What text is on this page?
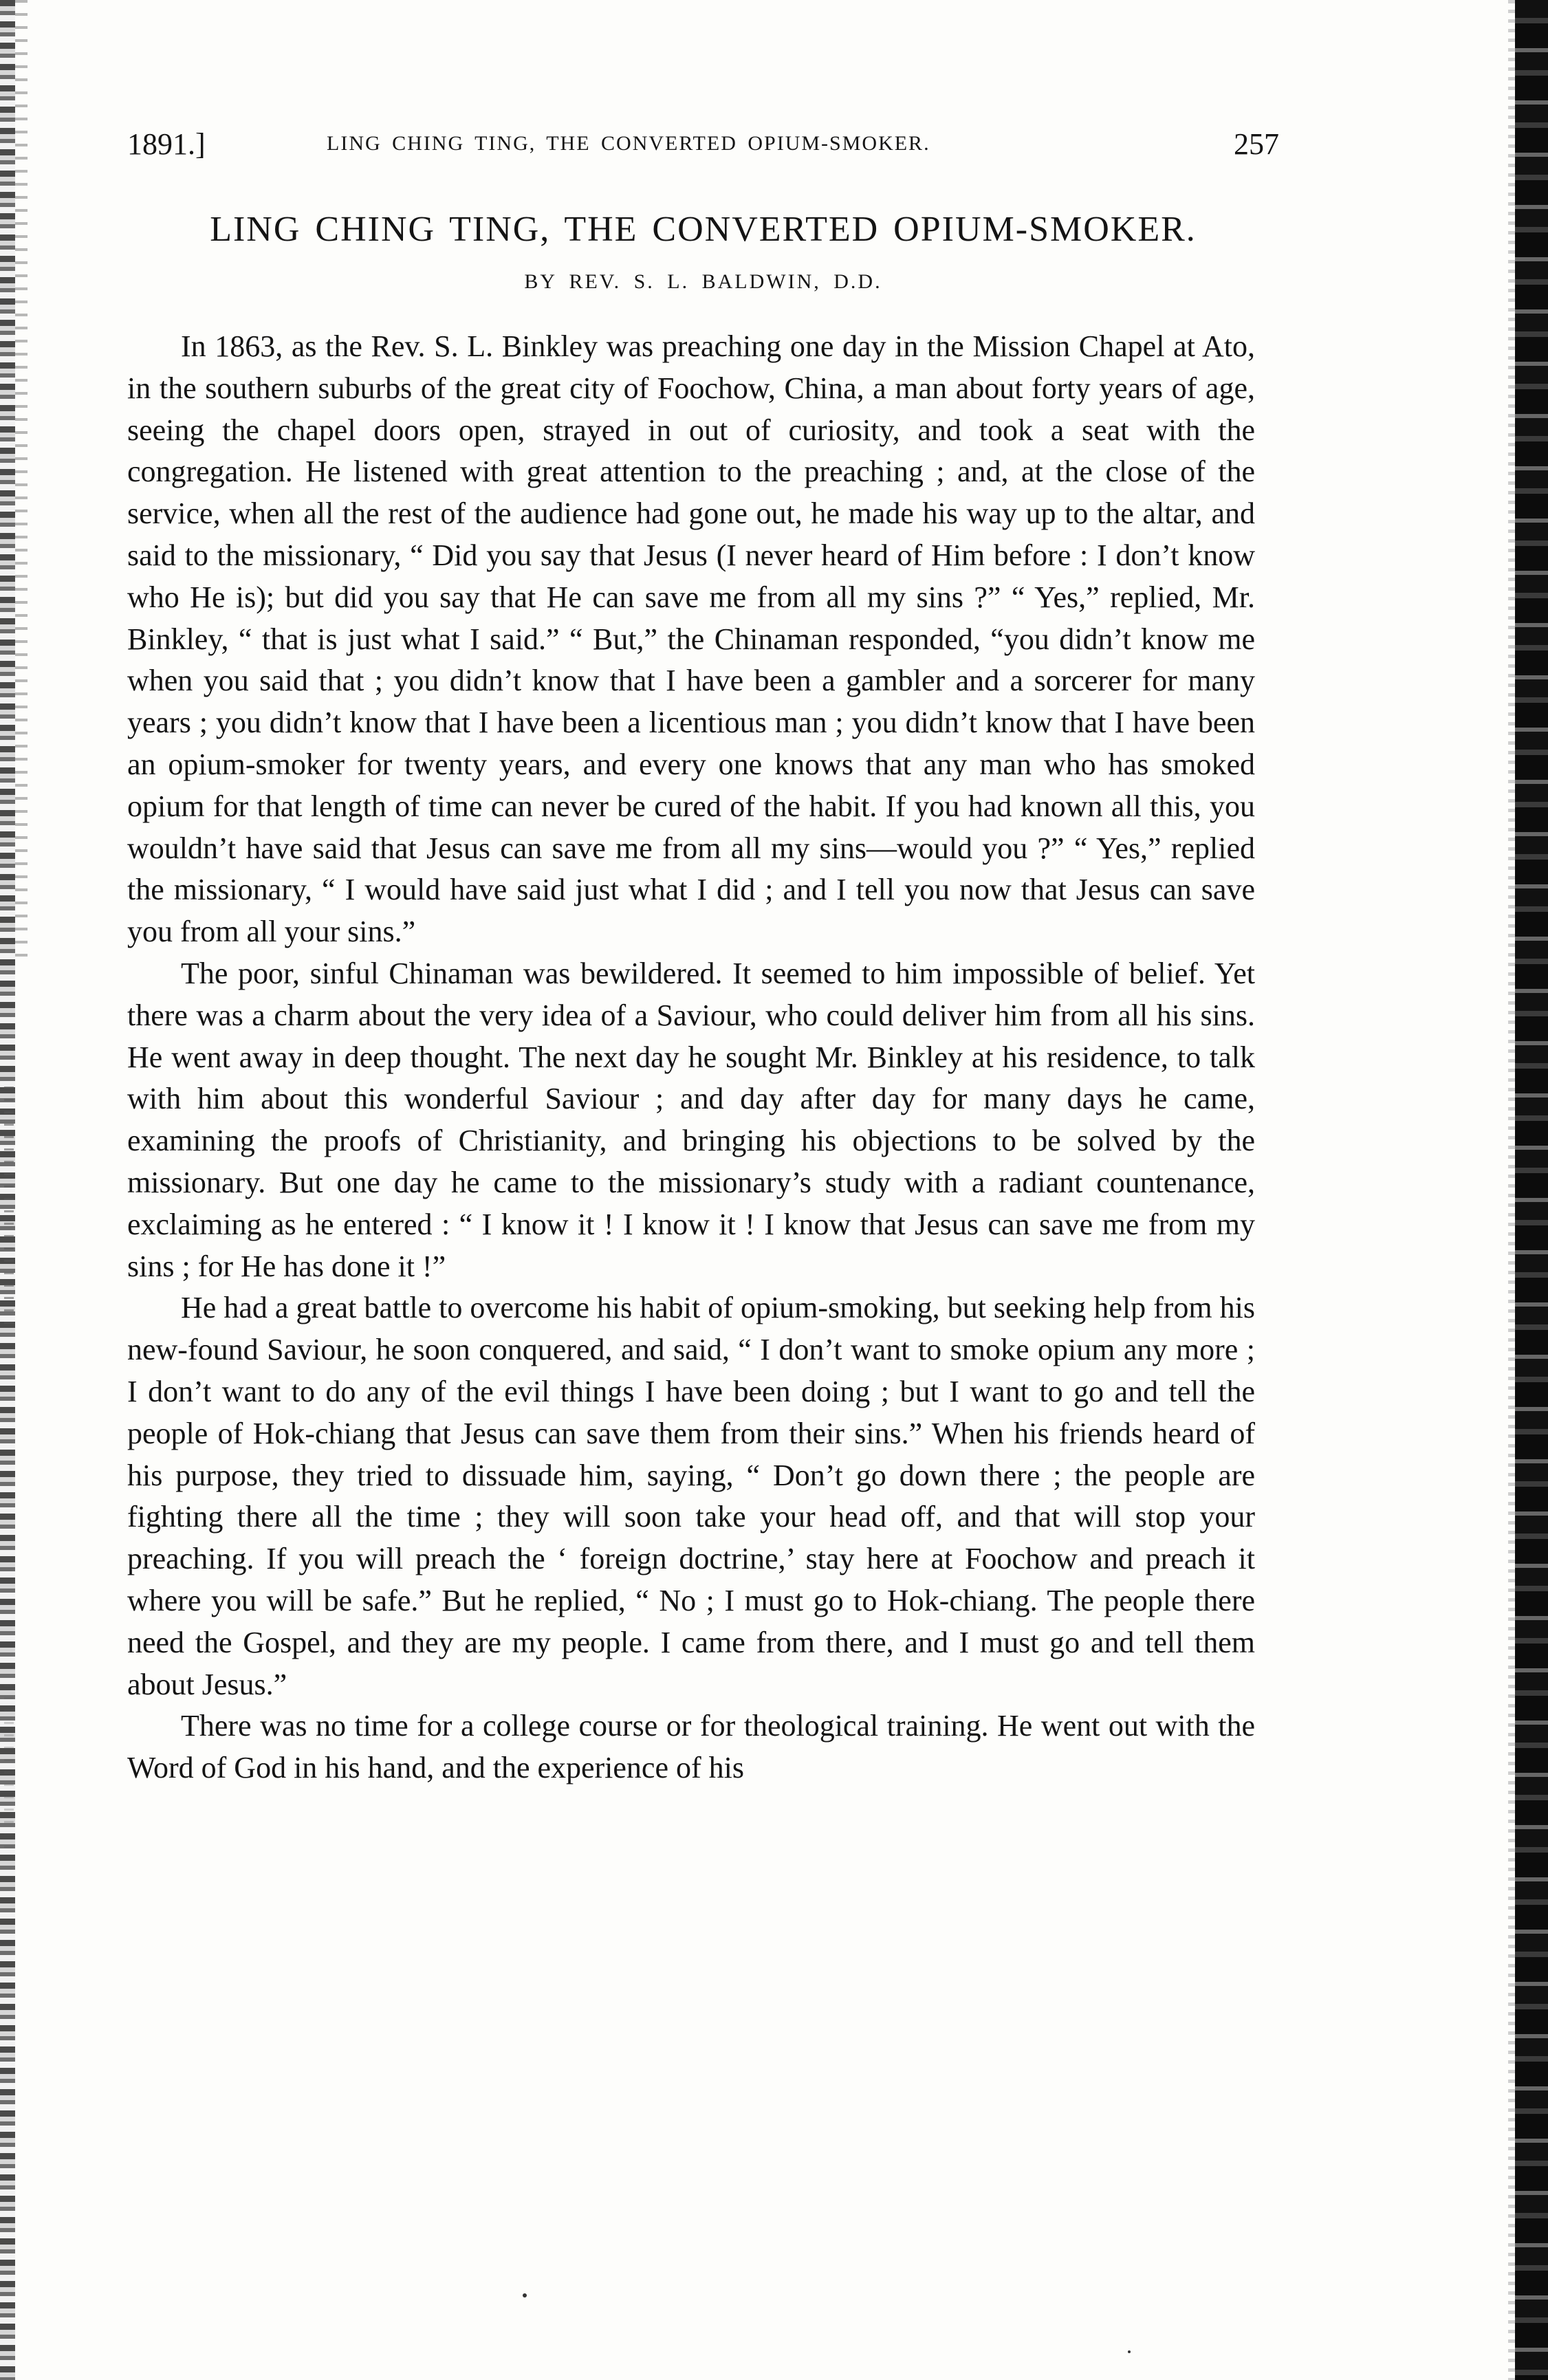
1891.]	LING CHING TING, THE CONVERTED OPIUM-SMOKER.	257
LING CHING TING, THE CONVERTED OPIUM-SMOKER.
BY REV. S. L. BALDWIN, D.D.

In 1863, as the Rev. S. L. Binkley was preaching one day in the Mission Chapel at Ato, in the southern suburbs of the great city of Foochow, China, a man about forty years of age, seeing the chapel doors open, strayed in out of curiosity, and took a seat with the congregation. He listened with great attention to the preaching ; and, at the close of the service, when all the rest of the audience had gone out, he made his way up to the altar, and said to the missionary, “ Did you say that Jesus (I never heard of Him before : I don’t know who He is); but did you say that He can save me from all my sins ?” “ Yes,” replied, Mr. Binkley, “ that is just what I said.” “ But,” the Chinaman responded, “you didn’t know me when you said that ; you didn’t know that I have been a gambler and a sorcerer for many years ; you didn’t know that I have been a licentious man ; you didn’t know that I have been an opium-smoker for twenty years, and every one knows that any man who has smoked opium for that length of time can never be cured of the habit. If you had known all this, you wouldn’t have said that Jesus can save me from all my sins—would you ?” “ Yes,” replied the missionary, “ I would have said just what I did ; and I tell you now that Jesus can save you from all your sins.”

The poor, sinful Chinaman was bewildered. It seemed to him impossible of belief. Yet there was a charm about the very idea of a Saviour, who could deliver him from all his sins. He went away in deep thought. The next day he sought Mr. Binkley at his residence, to talk with him about this wonderful Saviour ; and day after day for many days he came, examining the proofs of Christianity, and bringing his objections to be solved by the missionary. But one day he came to the missionary’s study with a radiant countenance, exclaiming as he entered : “ I know it ! I know it ! I know that Jesus can save me from my sins ; for He has done it !”

He had a great battle to overcome his habit of opium-smoking, but seeking help from his new-found Saviour, he soon conquered, and said, “ I don’t want to smoke opium any more ; I don’t want to do any of the evil things I have been doing ; but I want to go and tell the people of Hok-chiang that Jesus can save them from their sins.” When his friends heard of his purpose, they tried to dissuade him, saying, “ Don’t go down there ; the people are fighting there all the time ; they will soon take your head off, and that will stop your preaching. If you will preach the ‘ foreign doctrine,’ stay here at Foochow and preach it where you will be safe.” But he replied, “ No ; I must go to Hok-chiang. The people there need the Gospel, and they are my people. I came from there, and I must go and tell them about Jesus.”

There was no time for a college course or for theological training. He went out with the Word of God in his hand, and the experience of his
